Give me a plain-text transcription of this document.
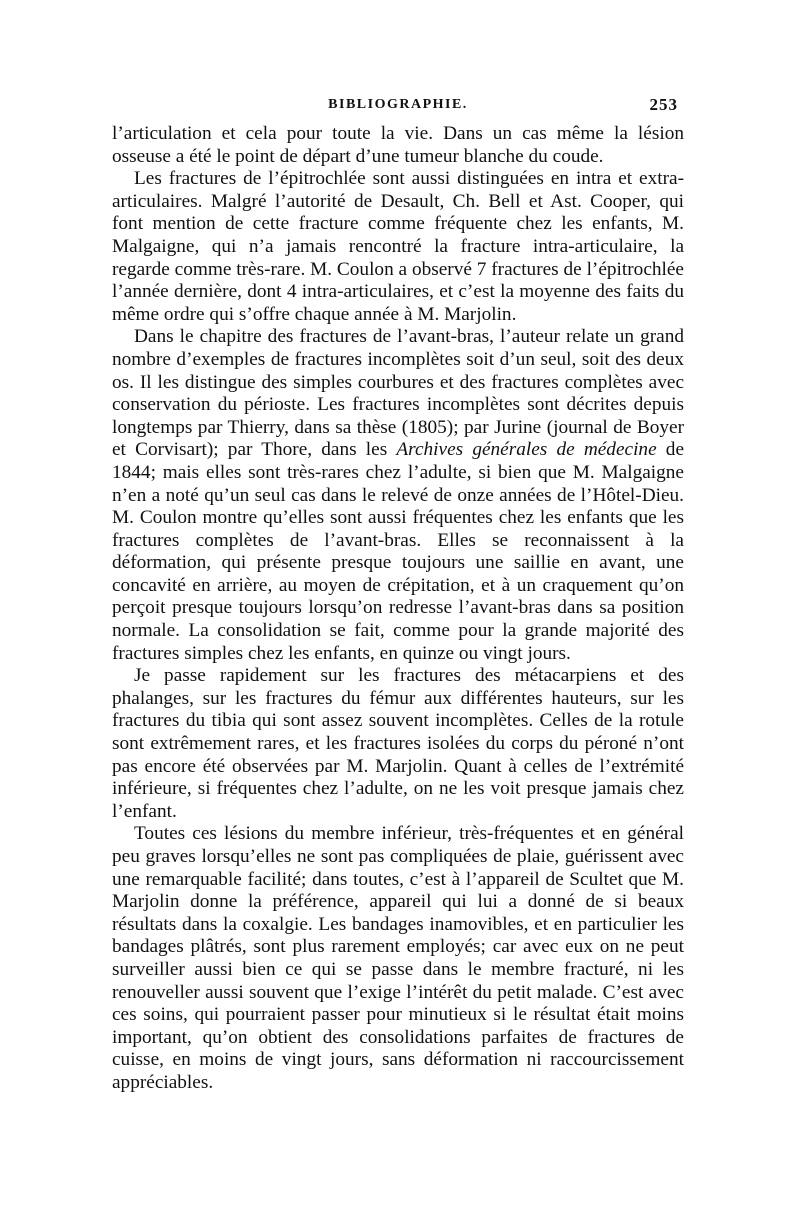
BIBLIOGRAPHIE.	253

l’articulation et cela pour toute la vie. Dans un cas même la lésion osseuse a été le point de départ d’une tumeur blanche du coude.

Les fractures de l’épitrochlée sont aussi distinguées en intra et extra-articulaires. Malgré l’autorité de Desault, Ch. Bell et Ast. Cooper, qui font mention de cette fracture comme fréquente chez les enfants, M. Malgaigne, qui n’a jamais rencontré la fracture intra-articulaire, la regarde comme très-rare. M. Coulon a observé 7 fractures de l’épitrochlée l’année dernière, dont 4 intra-articulaires, et c’est la moyenne des faits du même ordre qui s’offre chaque année à M. Marjolin.

Dans le chapitre des fractures de l’avant-bras, l’auteur relate un grand nombre d’exemples de fractures incomplètes soit d’un seul, soit des deux os. Il les distingue des simples courbures et des fractures complètes avec conservation du périoste. Les fractures incomplètes sont décrites depuis longtemps par Thierry, dans sa thèse (1805); par Jurine (journal de Boyer et Corvisart); par Thore, dans les Archives générales de médecine de 1844; mais elles sont très-rares chez l’adulte, si bien que M. Malgaigne n’en a noté qu’un seul cas dans le relevé de onze années de l’Hôtel-Dieu. M. Coulon montre qu’elles sont aussi fréquentes chez les enfants que les fractures complètes de l’avant-bras. Elles se reconnaissent à la déformation, qui présente presque toujours une saillie en avant, une concavité en arrière, au moyen de crépitation, et à un craquement qu’on perçoit presque toujours lorsqu’on redresse l’avant-bras dans sa position normale. La consolidation se fait, comme pour la grande majorité des fractures simples chez les enfants, en quinze ou vingt jours.

Je passe rapidement sur les fractures des métacarpiens et des phalanges, sur les fractures du fémur aux différentes hauteurs, sur les fractures du tibia qui sont assez souvent incomplètes. Celles de la rotule sont extrêmement rares, et les fractures isolées du corps du péroné n’ont pas encore été observées par M. Marjolin. Quant à celles de l’extrémité inférieure, si fréquentes chez l’adulte, on ne les voit presque jamais chez l’enfant.

Toutes ces lésions du membre inférieur, très-fréquentes et en général peu graves lorsqu’elles ne sont pas compliquées de plaie, guérissent avec une remarquable facilité; dans toutes, c’est à l’appareil de Scultet que M. Marjolin donne la préférence, appareil qui lui a donné de si beaux résultats dans la coxalgie. Les bandages inamovibles, et en particulier les bandages plâtrés, sont plus rarement employés; car avec eux on ne peut surveiller aussi bien ce qui se passe dans le membre fracturé, ni les renouveller aussi souvent que l’exige l’intérêt du petit malade. C’est avec ces soins, qui pourraient passer pour minutieux si le résultat était moins important, qu’on obtient des consolidations parfaites de fractures de cuisse, en moins de vingt jours, sans déformation ni raccourcissement appréciables.
